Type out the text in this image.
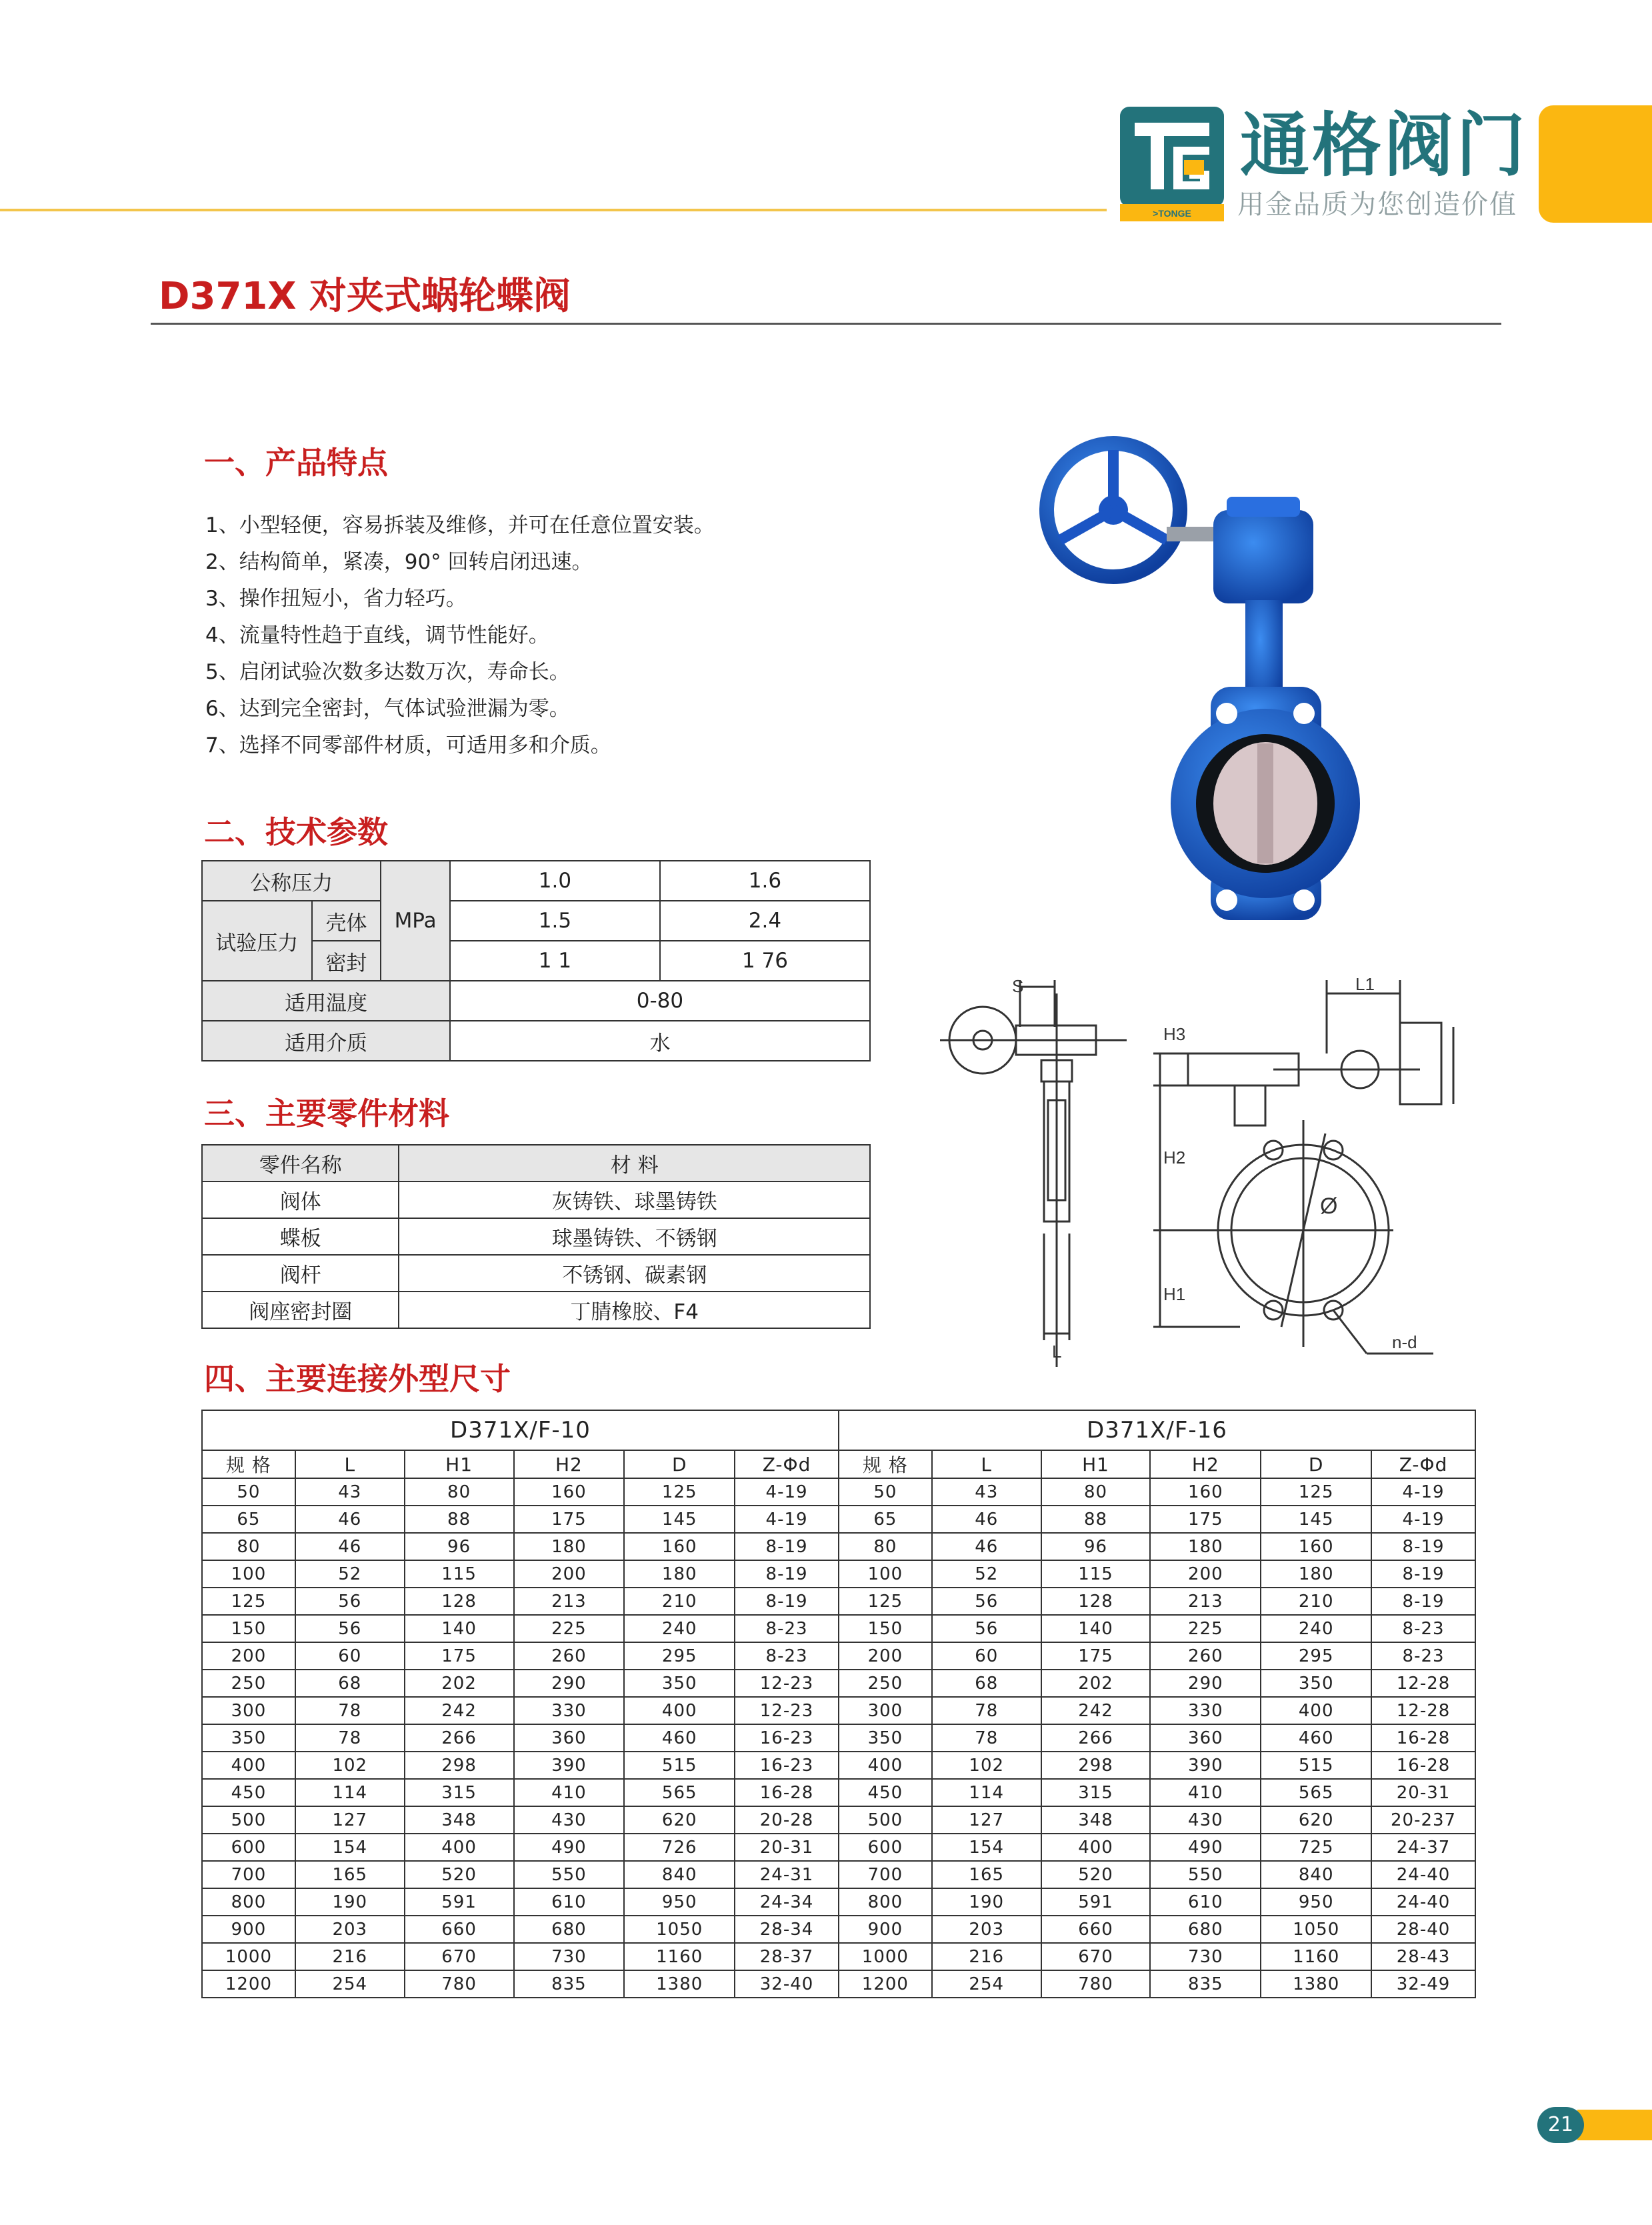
>TONGE
通格阀门
用金品质为您创造价值
D371X 对夹式蜗轮蝶阀
一、产品特点
1、小型轻便，容易拆装及维修，并可在任意位置安装。
2、结构简单，紧凑，90° 回转启闭迅速。
3、操作扭短小，省力轻巧。
4、流量特性趋于直线，调节性能好。
5、启闭试验次数多达数万次，寿命长。
6、达到完全密封，气体试验泄漏为零。
7、选择不同零部件材质，可适用多和介质。
二、技术参数
公称压力		MPa	1.0	1.6
试验压力	壳体		1.5	2.4
	密封		1 1	1 76
适用温度			0-80	
适用介质			水	
三、主要零件材料
零件名称	材 料
阀体	灰铸铁、球墨铸铁
蝶板	球墨铸铁、不锈钢
阀杆	不锈钢、碳素钢
阀座密封圈	丁腈橡胶、F4
S
L
L1
H3
H2
H1
n-d
Ø
四、主要连接外型尺寸
D371X/F-10						D371X/F-16					
规 格	L	H1	H2	D	Z-Φd	规 格	L	H1	H2	D	Z-Φd
50	43	80	160	125	4-19	50	43	80	160	125	4-19
65	46	88	175	145	4-19	65	46	88	175	145	4-19
80	46	96	180	160	8-19	80	46	96	180	160	8-19
100	52	115	200	180	8-19	100	52	115	200	180	8-19
125	56	128	213	210	8-19	125	56	128	213	210	8-19
150	56	140	225	240	8-23	150	56	140	225	240	8-23
200	60	175	260	295	8-23	200	60	175	260	295	8-23
250	68	202	290	350	12-23	250	68	202	290	350	12-28
300	78	242	330	400	12-23	300	78	242	330	400	12-28
350	78	266	360	460	16-23	350	78	266	360	460	16-28
400	102	298	390	515	16-23	400	102	298	390	515	16-28
450	114	315	410	565	16-28	450	114	315	410	565	20-31
500	127	348	430	620	20-28	500	127	348	430	620	20-237
600	154	400	490	726	20-31	600	154	400	490	725	24-37
700	165	520	550	840	24-31	700	165	520	550	840	24-40
800	190	591	610	950	24-34	800	190	591	610	950	24-40
900	203	660	680	1050	28-34	900	203	660	680	1050	28-40
1000	216	670	730	1160	28-37	1000	216	670	730	1160	28-43
1200	254	780	835	1380	32-40	1200	254	780	835	1380	32-49
21
